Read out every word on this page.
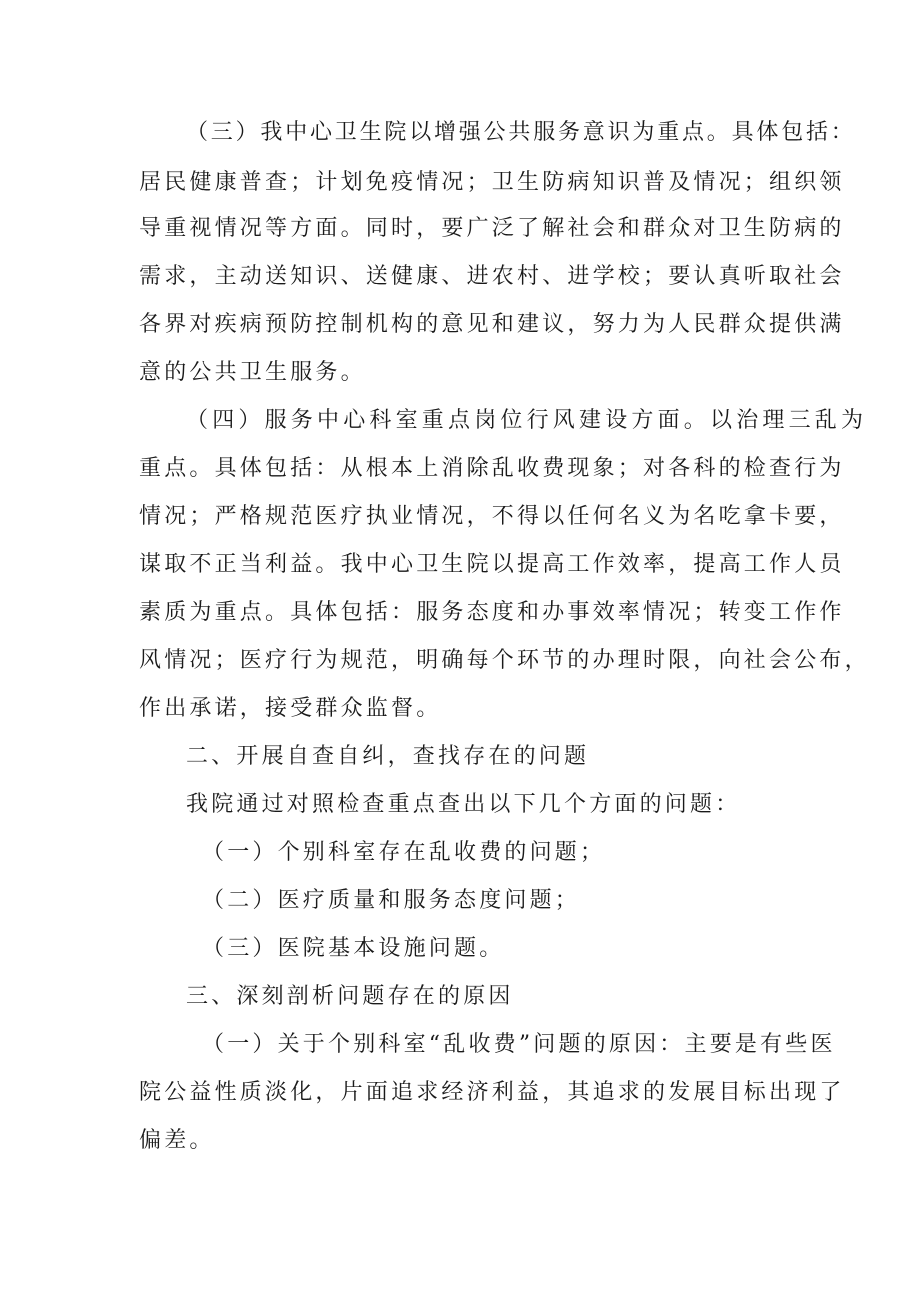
（三）我中心卫生院以增强公共服务意识为重点。具体包括：
居民健康普查；计划免疫情况；卫生防病知识普及情况；组织领
导重视情况等方面。同时，要广泛了解社会和群众对卫生防病的
需求，主动送知识、送健康、进农村、进学校；要认真听取社会
各界对疾病预防控制机构的意见和建议，努力为人民群众提供满
意的公共卫生服务。
（四）服务中心科室重点岗位行风建设方面。以治理三乱为
重点。具体包括：从根本上消除乱收费现象；对各科的检查行为
情况；严格规范医疗执业情况，不得以任何名义为名吃拿卡要，
谋取不正当利益。我中心卫生院以提高工作效率，提高工作人员
素质为重点。具体包括：服务态度和办事效率情况；转变工作作
风情况；医疗行为规范，明确每个环节的办理时限，向社会公布，
作出承诺，接受群众监督。
二、开展自查自纠，查找存在的问题
我院通过对照检查重点查出以下几个方面的问题：
（一）个别科室存在乱收费的问题；
（二）医疗质量和服务态度问题；
（三）医院基本设施问题。
三、深刻剖析问题存在的原因
（一）关于个别科室“乱收费”问题的原因：主要是有些医
院公益性质淡化，片面追求经济利益，其追求的发展目标出现了
偏差。
